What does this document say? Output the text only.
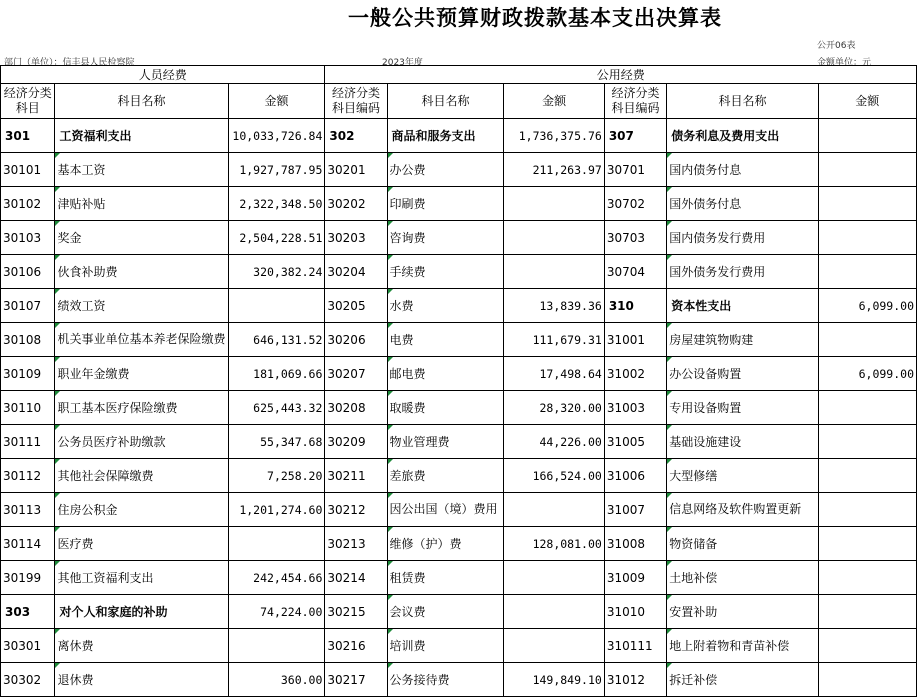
一般公共预算财政拨款基本支出决算表
公开06表
部门（单位）：信丰县人民检察院	2023年度	金额单位：元
人员经费			公用经费					
经济分类科目	科目名称	金额	经济分类科目编码	科目名称	金额	经济分类科目编码	科目名称	金额
301	工资福利支出	10,033,726.84	302	商品和服务支出	1,736,375.76	307	债务利息及费用支出	
30101	基本工资	1,927,787.95	30201	办公费	211,263.97	30701	国内债务付息	
30102	津贴补贴	2,322,348.50	30202	印刷费		30702	国外债务付息	
30103	奖金	2,504,228.51	30203	咨询费		30703	国内债务发行费用	
30106	伙食补助费	320,382.24	30204	手续费		30704	国外债务发行费用	
30107	绩效工资		30205	水费	13,839.36	310	资本性支出	6,099.00
30108	机关事业单位基本养老保险缴费	646,131.52	30206	电费	111,679.31	31001	房屋建筑物购建	
30109	职业年金缴费	181,069.66	30207	邮电费	17,498.64	31002	办公设备购置	6,099.00
30110	职工基本医疗保险缴费	625,443.32	30208	取暖费	28,320.00	31003	专用设备购置	
30111	公务员医疗补助缴款	55,347.68	30209	物业管理费	44,226.00	31005	基础设施建设	
30112	其他社会保障缴费	7,258.20	30211	差旅费	166,524.00	31006	大型修缮	
30113	住房公积金	1,201,274.60	30212	因公出国（境）费用		31007	信息网络及软件购置更新	
30114	医疗费		30213	维修（护）费	128,081.00	31008	物资储备	
30199	其他工资福利支出	242,454.66	30214	租赁费		31009	土地补偿	
303	对个人和家庭的补助	74,224.00	30215	会议费		31010	安置补助	
30301	离休费		30216	培训费		310111	地上附着物和青苗补偿	
30302	退休费	360.00	30217	公务接待费	149,849.10	31012	拆迁补偿	
